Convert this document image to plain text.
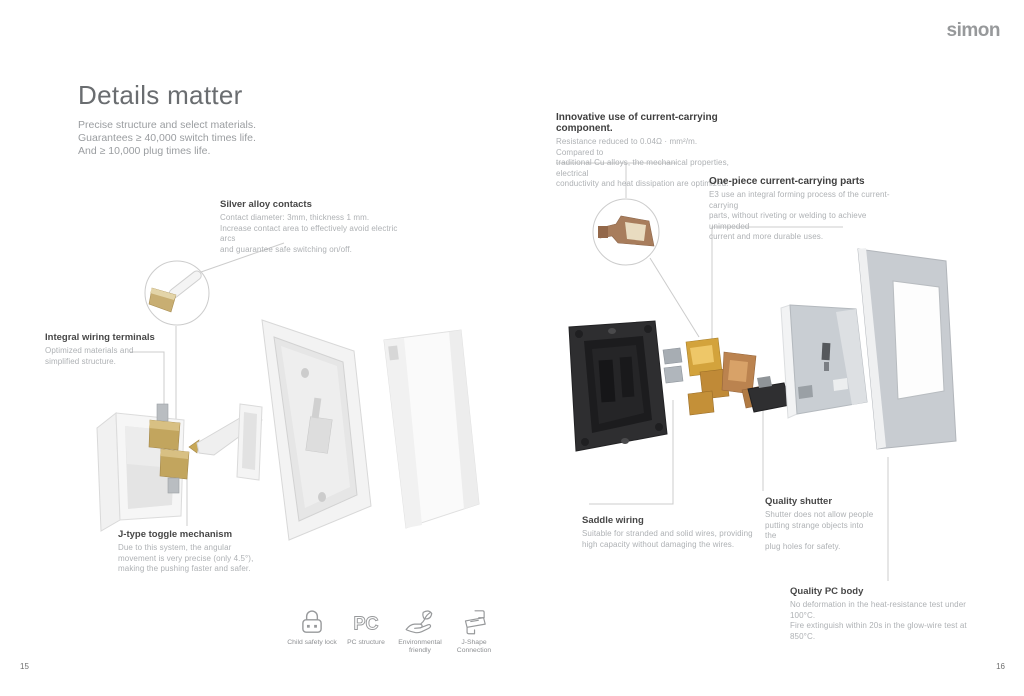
simon
Details matter
Precise structure and select materials.
Guarantees ≥ 40,000 switch times life.
And ≥ 10,000 plug times life.
Silver alloy contacts
Contact diameter: 3mm, thickness 1 mm.
Increase contact area to effectively avoid electric arcs
and guarantee safe switching on/off.
Integral wiring terminals
Optimized materials and
simplified structure.
J-type toggle mechanism
Due to this system, the angular
movement is very precise (only 4.5°),
making the pushing faster and safer.
Innovative use of current-carrying component.
Resistance reduced to 0.04Ω · mm²/m. Compared to
traditional Cu alloys, the mechanical properties, electrical
conductivity and heat dissipation are optimized.
One-piece current-carrying parts
E3 use an integral forming process of the current-carrying
parts, without riveting or welding to achieve unimpeded
current and more durable uses.
Saddle wiring
Suitable for stranded and solid wires, providing
high capacity without damaging the wires.
Quality shutter
Shutter does not allow people
putting strange objects into the
plug holes for safety.
Quality PC body
No deformation in the heat-resistance test under 100°C.
Fire extinguish within 20s in the glow-wire test at 850°C.
Child safety lock
PC
PC structure	Environmental friendly
J-Shape Connection
15	16
